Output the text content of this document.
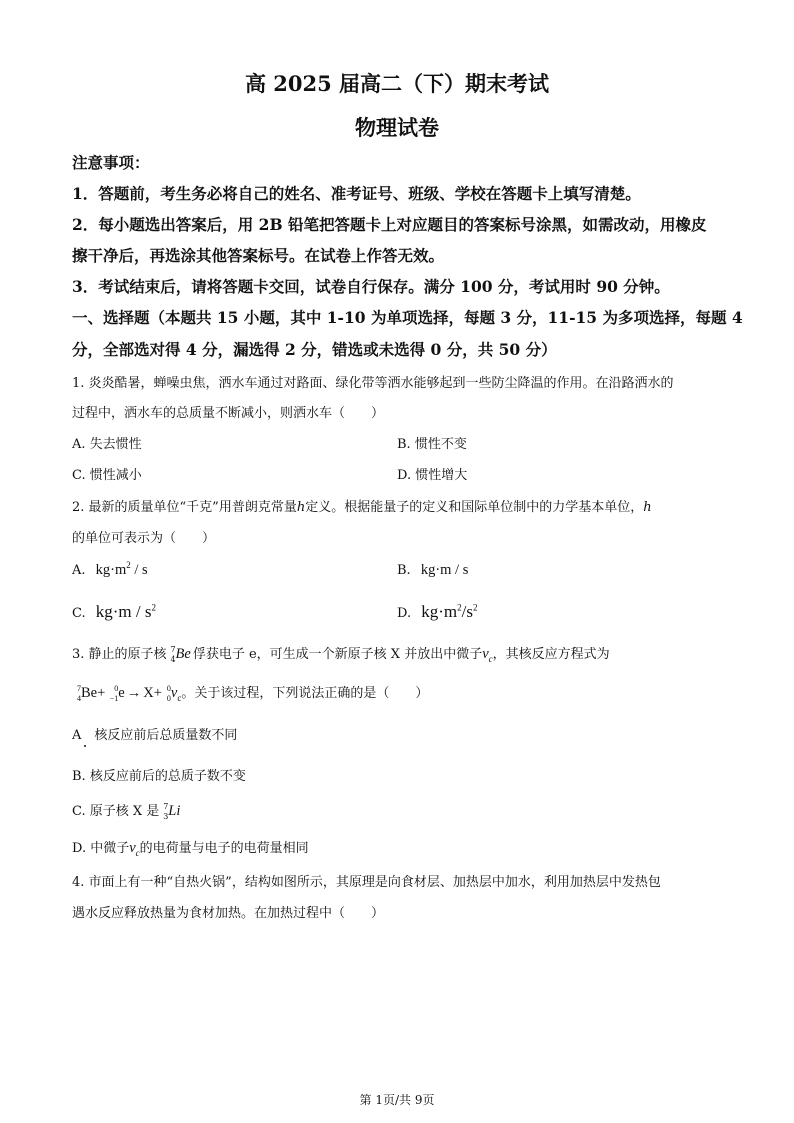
高 2025 届高二（下）期末考试
物理试卷
注意事项：
1．答题前，考生务必将自己的姓名、准考证号、班级、学校在答题卡上填写清楚。
2．每小题选出答案后，用 2B 铅笔把答题卡上对应题目的答案标号涂黑，如需改动，用橡皮
擦干净后，再选涂其他答案标号。在试卷上作答无效。
3．考试结束后，请将答题卡交回，试卷自行保存。满分 100 分，考试用时 90 分钟。
一、选择题（本题共 15 小题，其中 1-10 为单项选择，每题 3 分，11-15 为多项选择，每题 4
分，全部选对得 4 分，漏选得 2 分，错选或未选得 0 分，共 50 分）
1. 炎炎酷暑，蝉噪虫焦，洒水车通过对路面、绿化带等洒水能够起到一些防尘降温的作用。在沿路洒水的
过程中，洒水车的总质量不断减小，则洒水车（　　）
A. 失去惯性	B. 惯性不变
C. 惯性减小	D. 惯性增大
2. 最新的质量单位“千克”用普朗克常量h定义。根据能量子的定义和国际单位制中的力学基本单位，h
的单位可表示为（　　）
A. $kg\cdot m^2 / s$	B. kg·m / s
C. $kg\cdot m / s^2$	D. $kg\cdot m^2/s^2$
3. 静止的原子核 7
4 Be 俘获电子 e，可生成一个新原子核 X 并放出中微子$\nu_c$，其核反应方程式为
7
4 Be+ 0
−1 e → X+ 0
0 $\nu_c$。关于该过程，下列说法正确的是（　　）
A　核反应前后总质量数不同
B. 核反应前后的总质子数不变
C. 原子核 X 是 7
3 Li
D. 中微子$\nu_c$的电荷量与电子的电荷量相同
4. 市面上有一种“自热火锅”，结构如图所示，其原理是向食材层、加热层中加水，利用加热层中发热包
遇水反应释放热量为食材加热。在加热过程中（　　）
第 1页/共 9页
